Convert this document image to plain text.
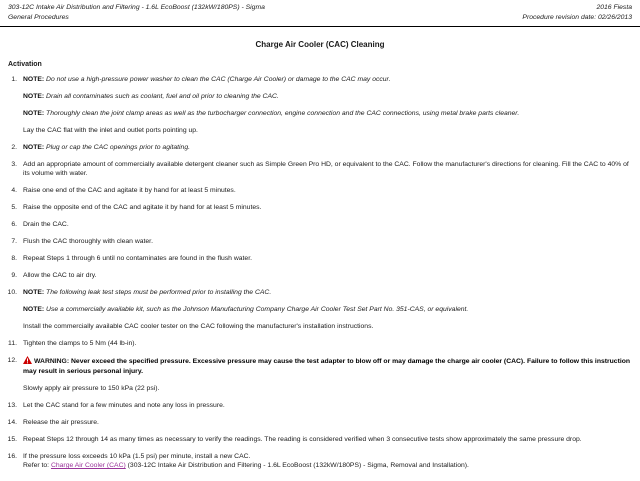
303-12C Intake Air Distribution and Filtering - 1.6L EcoBoost (132kW/180PS) - Sigma
General Procedures
2016 Fiesta
Procedure revision date: 02/26/2013
Charge Air Cooler (CAC) Cleaning
Activation
1. NOTE: Do not use a high-pressure power washer to clean the CAC (Charge Air Cooler) or damage to the CAC may occur.
NOTE: Drain all contaminates such as coolant, fuel and oil prior to cleaning the CAC.
NOTE: Thoroughly clean the joint clamp areas as well as the turbocharger connection, engine connection and the CAC connections, using metal brake parts cleaner.
Lay the CAC flat with the inlet and outlet ports pointing up.
2. NOTE: Plug or cap the CAC openings prior to agitating.
3. Add an appropriate amount of commercially available detergent cleaner such as Simple Green Pro HD, or equivalent to the CAC. Follow the manufacturer's directions for cleaning. Fill the CAC to 40% of its volume with water.
4. Raise one end of the CAC and agitate it by hand for at least 5 minutes.
5. Raise the opposite end of the CAC and agitate it by hand for at least 5 minutes.
6. Drain the CAC.
7. Flush the CAC thoroughly with clean water.
8. Repeat Steps 1 through 6 until no contaminates are found in the flush water.
9. Allow the CAC to air dry.
10. NOTE: The following leak test steps must be performed prior to installing the CAC.
NOTE: Use a commercially available kit, such as the Johnson Manufacturing Company Charge Air Cooler Test Set Part No. 351-CAS, or equivalent.
Install the commercially available CAC cooler tester on the CAC following the manufacturer's installation instructions.
11. Tighten the clamps to 5 Nm (44 lb-in).
12.	WARNING: Never exceed the specified pressure. Excessive pressure may cause the test adapter to blow off or may damage the charge air cooler (CAC). Failure to follow this instruction may result in serious personal injury.
Slowly apply air pressure to 150 kPa (22 psi).
13. Let the CAC stand for a few minutes and note any loss in pressure.
14. Release the air pressure.
15. Repeat Steps 12 through 14 as many times as necessary to verify the readings. The reading is considered verified when 3 consecutive tests show approximately the same pressure drop.
16. If the pressure loss exceeds 10 kPa (1.5 psi) per minute, install a new CAC.
Refer to: Charge Air Cooler (CAC) (303-12C Intake Air Distribution and Filtering - 1.6L EcoBoost (132kW/180PS) - Sigma, Removal and Installation).
